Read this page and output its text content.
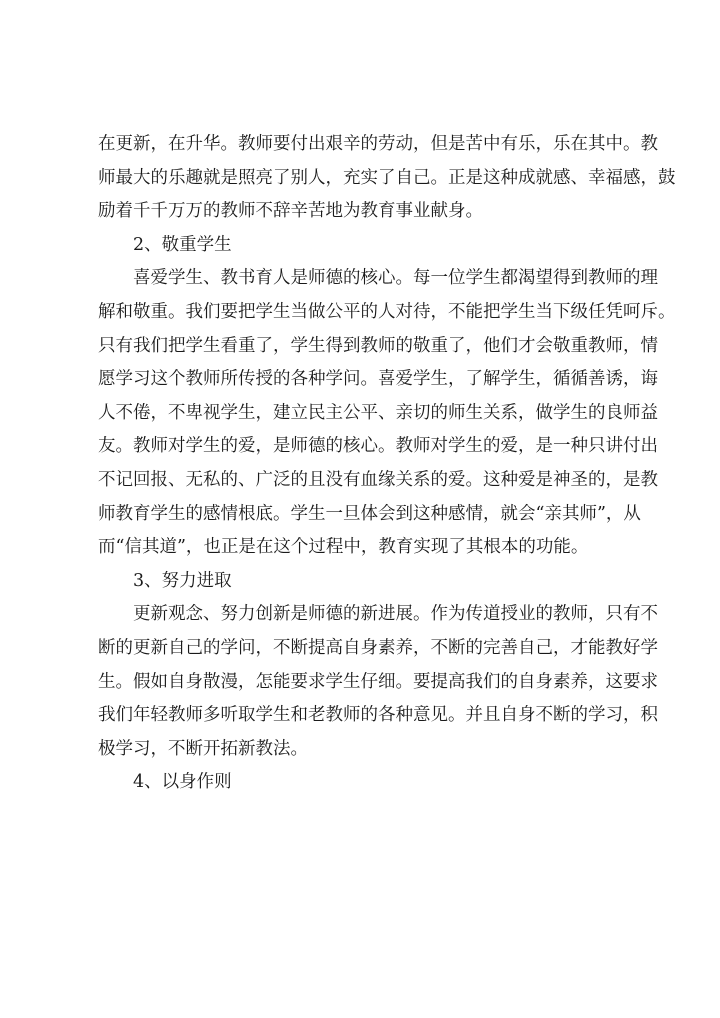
在 更 新 ， 在 升 华 。 教 师 要 付 出 艰 辛 的 劳 动 ， 但 是 苦 中 有 乐 ， 乐 在 其 中 。 教
师 最 大 的 乐 趣 就 是 照 亮 了 别 人 ， 充 实 了 自 己 。 正 是 这 种 成 就 感 、 幸 福 感 ， 鼓
励着千千万万的教师不辞辛苦地为教育事业献身。
2、敬重学生
喜 爱 学 生 、 教 书 育 人 是 师 德 的 核 心 。 每 一 位 学 生 都 渴 望 得 到 教 师 的 理
解 和 敬 重 。 我 们 要 把 学 生 当 做 公 平 的 人 对 待 ， 不 能 把 学 生 当 下 级 任 凭 呵 斥 。
只 有 我 们 把 学 生 看 重 了 ， 学 生 得 到 教 师 的 敬 重 了 ， 他 们 才 会 敬 重 教 师 ， 情
愿 学 习 这 个 教 师 所 传 授 的 各 种 学 问 。 喜 爱 学 生 ， 了 解 学 生 ， 循 循 善 诱 ， 诲
人 不 倦 ， 不 卑 视 学 生 ， 建 立 民 主 公 平 、 亲 切 的 师 生 关 系 ， 做 学 生 的 良 师 益
友 。 教 师 对 学 生 的 爱 ， 是 师 德 的 核 心 。 教 师 对 学 生 的 爱 ， 是 一 种 只 讲 付 出
不 记 回 报 、 无 私 的 、 广 泛 的 且 没 有 血 缘 关 系 的 爱 。 这 种 爱 是 神 圣 的 ， 是 教
师 教 育 学 生 的 感 情 根 底 。 学 生 一 旦 体 会 到 这 种 感 情 ， 就 会 “ 亲 其 师 ” ， 从
而“信其道”，也正是在这个过程中，教育实现了其根本的功能。
3、努力进取
更 新 观 念 、 努 力 创 新 是 师 德 的 新 进 展 。 作 为 传 道 授 业 的 教 师 ， 只 有 不
断 的 更 新 自 己 的 学 问 ， 不 断 提 高 自 身 素 养 ， 不 断 的 完 善 自 己 ， 才 能 教 好 学
生 。 假 如 自 身 散 漫 ， 怎 能 要 求 学 生 仔 细 。 要 提 高 我 们 的 自 身 素 养 ， 这 要 求
我 们 年 轻 教 师 多 听 取 学 生 和 老 教 师 的 各 种 意 见 。 并 且 自 身 不 断 的 学 习 ， 积
极学习，不断开拓新教法。
4、以身作则
